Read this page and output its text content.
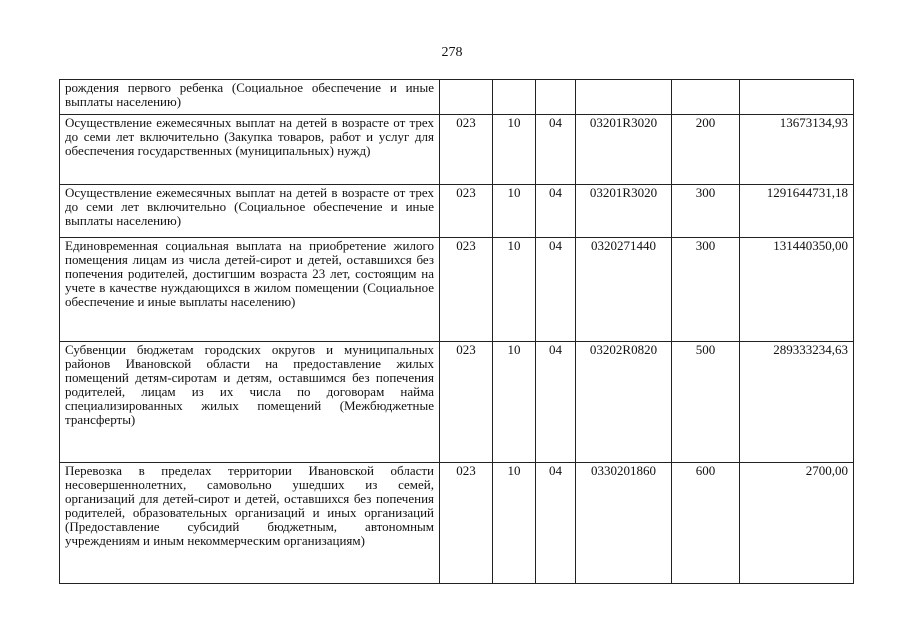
278
рождения первого ребенка (Социальное обеспечение и иные выплаты населению)						
Осуществление ежемесячных выплат на детей в возрасте от трех до семи лет включительно (Закупка товаров, работ и услуг для обеспечения государственных (муниципальных) нужд)	023	10	04	03201R3020	200	13673134,93
Осуществление ежемесячных выплат на детей в возрасте от трех до семи лет включительно (Социальное обеспечение и иные выплаты населению)	023	10	04	03201R3020	300	1291644731,18
Единовременная социальная выплата на приобретение жилого помещения лицам из числа детей-сирот и детей, оставшихся без попечения родителей, достигшим возраста 23 лет, состоящим на учете в качестве нуждающихся в жилом помещении (Социальное обеспечение и иные выплаты населению)	023	10	04	0320271440	300	131440350,00
Субвенции бюджетам городских округов и муниципальных районов Ивановской области на предоставление жилых помещений детям-сиротам и детям, оставшимся без попечения родителей, лицам из их числа по договорам найма специализированных жилых помещений (Межбюджетные трансферты)	023	10	04	03202R0820	500	289333234,63
Перевозка в пределах территории Ивановской области несовершеннолетних, самовольно ушедших из семей, организаций для детей-сирот и детей, оставшихся без попечения родителей, образовательных организаций и иных организаций (Предоставление субсидий бюджетным, автономным учреждениям и иным некоммерческим организациям)	023	10	04	0330201860	600	2700,00
